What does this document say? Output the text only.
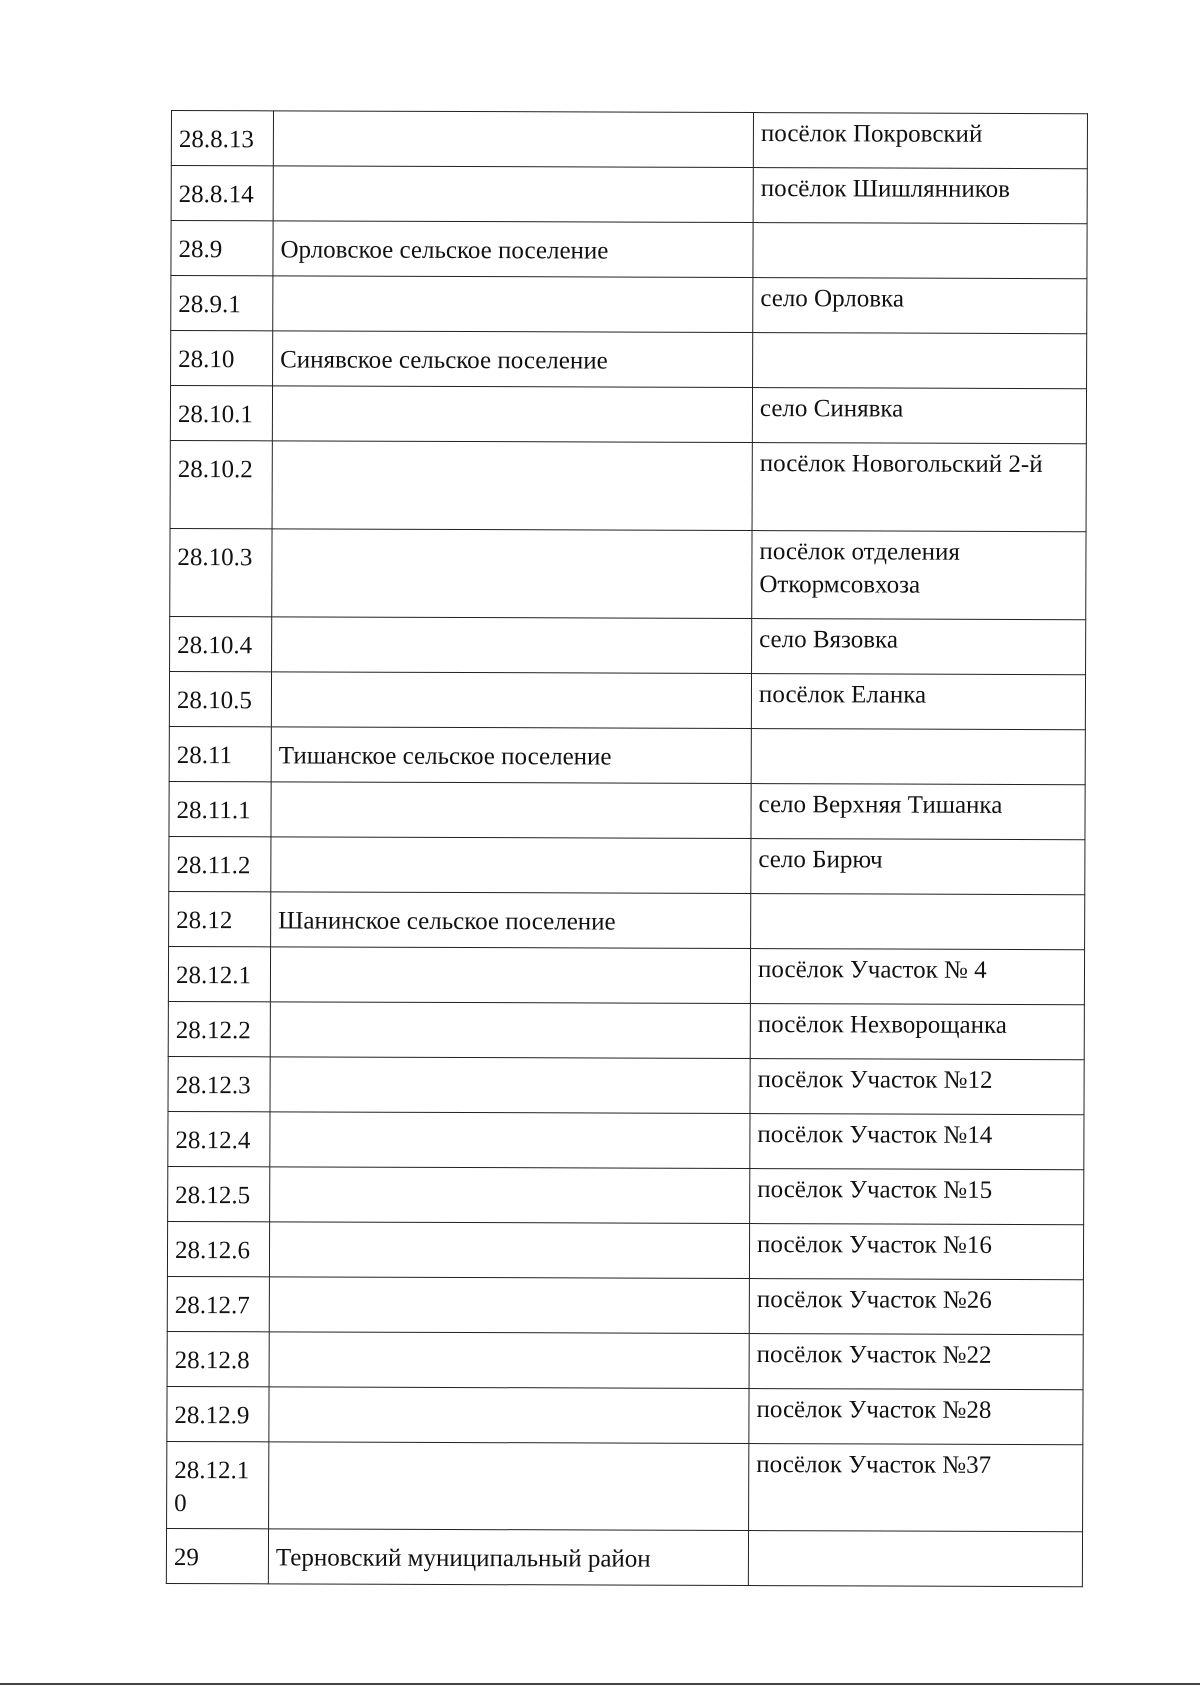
28.8.13		посёлок Покровский

28.8.14		посёлок Шишлянников

28.9	Орловское сельское поселение	

28.9.1		село Орловка

28.10	Синявское сельское поселение	

28.10.1		село Синявка

28.10.2		посёлок Новогольский 2-й

28.10.3		посёлок отделения Откормсовхоза

28.10.4		село Вязовка

28.10.5		посёлок Еланка

28.11	Тишанское сельское поселение	

28.11.1		село Верхняя Тишанка

28.11.2		село Бирюч

28.12	Шанинское сельское поселение	

28.12.1		посёлок Участок № 4

28.12.2		посёлок Нехворощанка

28.12.3		посёлок Участок №12

28.12.4		посёлок Участок №14

28.12.5		посёлок Участок №15

28.12.6		посёлок Участок №16

28.12.7		посёлок Участок №26

28.12.8		посёлок Участок №22

28.12.9		посёлок Участок №28

28.12.10		посёлок Участок №37

29	Терновский муниципальный район	
